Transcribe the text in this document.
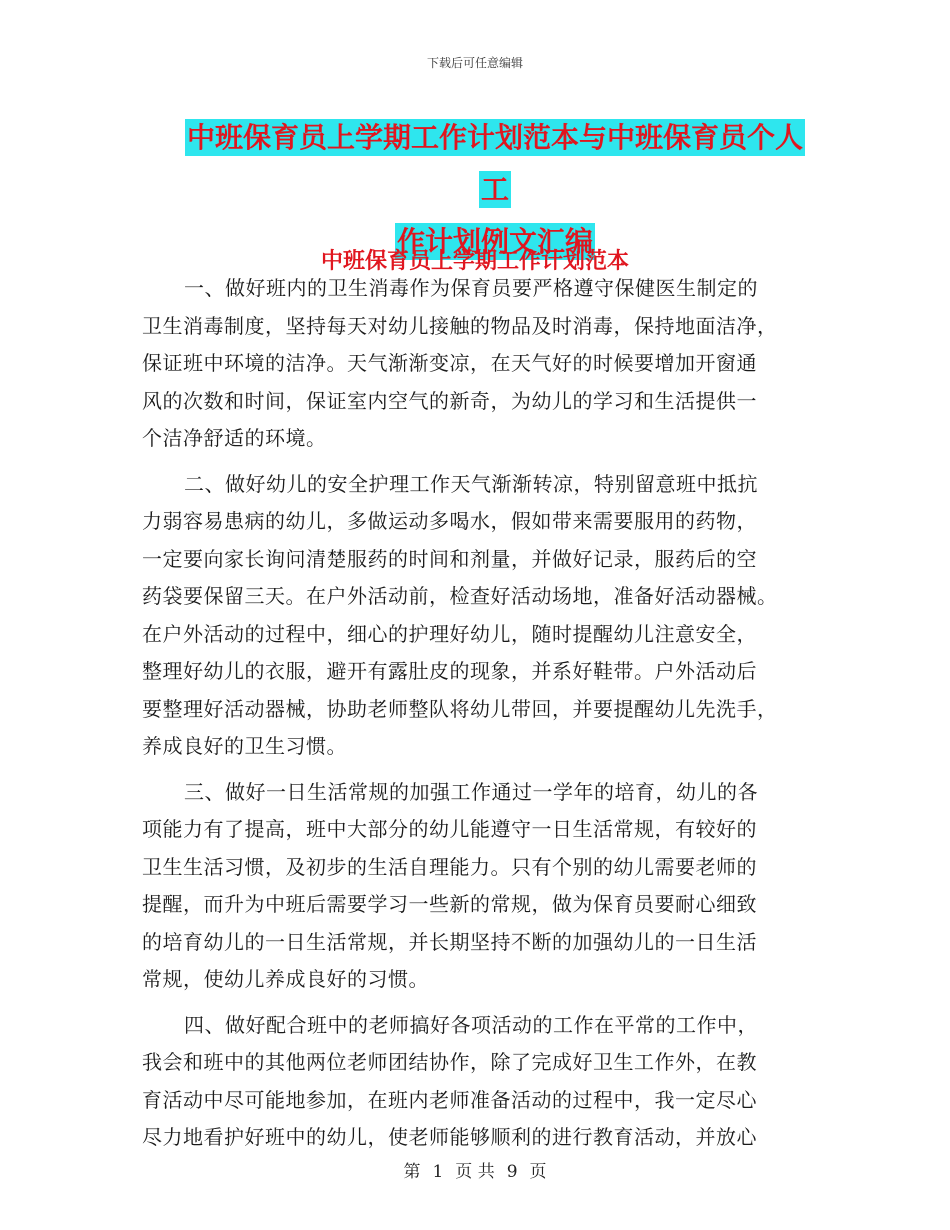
下载后可任意编辑
中班保育员上学期工作计划范本与中班保育员个人工
作计划例文汇编
中班保育员上学期工作计划范本

一、做好班内的卫生消毒作为保育员要严格遵守保健医生制定的
卫生消毒制度，坚持每天对幼儿接触的物品及时消毒，保持地面洁净，
保证班中环境的洁净。天气渐渐变凉，在天气好的时候要增加开窗通
风的次数和时间，保证室内空气的新奇，为幼儿的学习和生活提供一
个洁净舒适的环境。

二、做好幼儿的安全护理工作天气渐渐转凉，特别留意班中抵抗
力弱容易患病的幼儿，多做运动多喝水，假如带来需要服用的药物，
一定要向家长询问清楚服药的时间和剂量，并做好记录，服药后的空
药袋要保留三天。在户外活动前，检查好活动场地，准备好活动器械。
在户外活动的过程中，细心的护理好幼儿，随时提醒幼儿注意安全，
整理好幼儿的衣服，避开有露肚皮的现象，并系好鞋带。户外活动后
要整理好活动器械，协助老师整队将幼儿带回，并要提醒幼儿先洗手，
养成良好的卫生习惯。

三、做好一日生活常规的加强工作通过一学年的培育，幼儿的各
项能力有了提高，班中大部分的幼儿能遵守一日生活常规，有较好的
卫生生活习惯，及初步的生活自理能力。只有个别的幼儿需要老师的
提醒，而升为中班后需要学习一些新的常规，做为保育员要耐心细致
的培育幼儿的一日生活常规，并长期坚持不断的加强幼儿的一日生活
常规，使幼儿养成良好的习惯。

四、做好配合班中的老师搞好各项活动的工作在平常的工作中，
我会和班中的其他两位老师团结协作，除了完成好卫生工作外，在教
育活动中尽可能地参加，在班内老师准备活动的过程中，我一定尽心
尽力地看护好班中的幼儿，使老师能够顺利的进行教育活动，并放心

第 1 页 共 9 页
